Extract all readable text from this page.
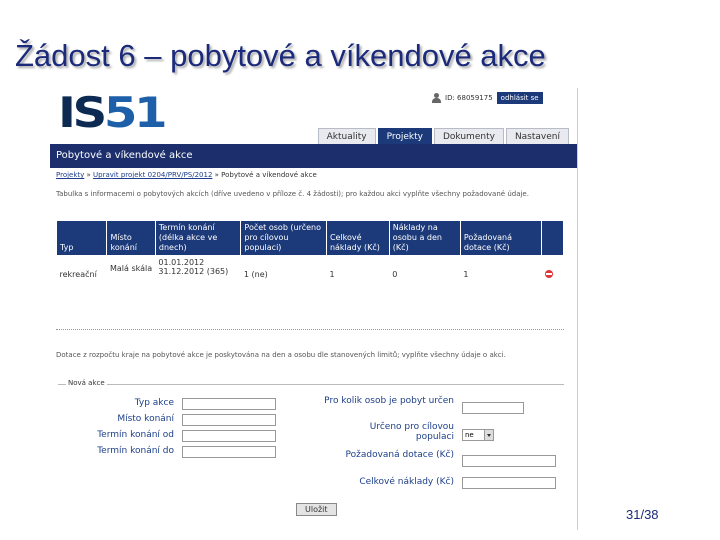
Žádost 6 – pobytové a víkendové akce
IS51	ID: 68059175	odhlásit se
Aktuality	Projekty	Dokumenty	Nastavení
Pobytové a víkendové akce
Projekty » Upravit projekt 0204/PRV/PS/2012 » Pobytové a víkendové akce
Tabulka s informacemi o pobytových akcích (dříve uvedeno v příloze č. 4 žádosti); pro každou akci vyplňte všechny požadované údaje.
Typ	Místo konání	Termín konání (délka akce ve dnech)	Počet osob (určeno pro cílovou populaci)	Celkové náklady (Kč)	Náklady na osobu a den (Kč)	Požadovaná dotace (Kč)	
rekreační	Malá skála	01.01.2012 31.12.2012 (365)	1 (ne)	1	0	1	
Dotace z rozpočtu kraje na pobytové akce je poskytována na den a osobu dle stanovených limitů; vyplňte všechny údaje o akci.
Nová akce
Typ akce
Místo konání
Termín konání od
Termín konání do
Pro kolik osob je pobyt určen
Určeno pro cílovou populaci	ne
Požadovaná dotace (Kč)
Celkové náklady (Kč)
Uložit	31/38
